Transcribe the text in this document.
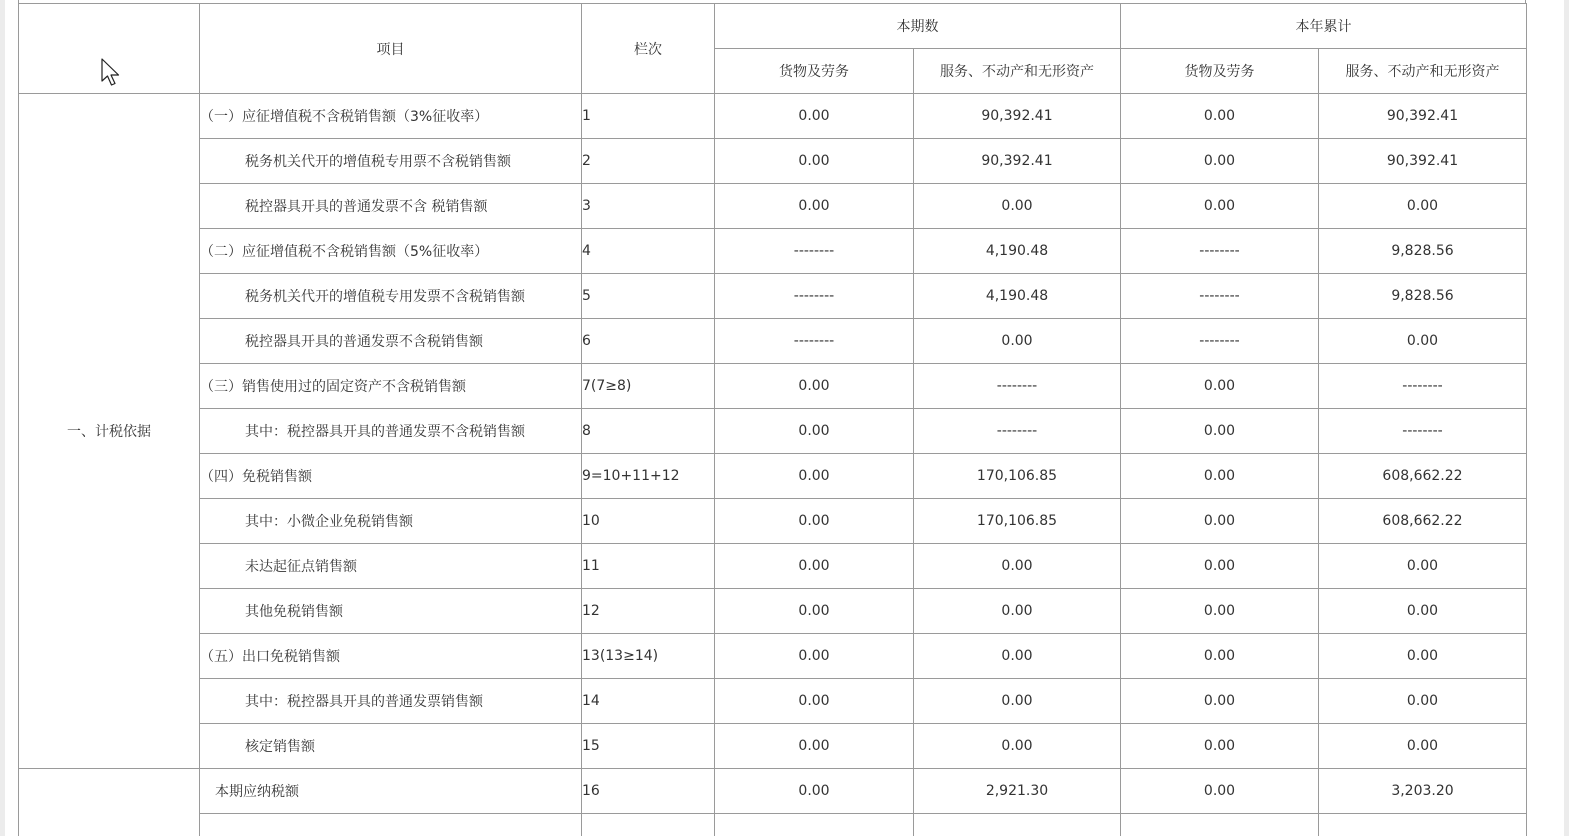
	项目	栏次	本期数		本年累计	
			货物及劳务	服务、不动产和无形资产	货物及劳务	服务、不动产和无形资产
一、计税依据	（一）应征增值税不含税销售额（3%征收率）	1	0.00	90,392.41	0.00	90,392.41
	税务机关代开的增值税专用票不含税销售额	2	0.00	90,392.41	0.00	90,392.41
	税控器具开具的普通发票不含 税销售额	3	0.00	0.00	0.00	0.00
	（二）应征增值税不含税销售额（5%征收率）	4	--------	4,190.48	--------	9,828.56
	税务机关代开的增值税专用发票不含税销售额	5	--------	4,190.48	--------	9,828.56
	税控器具开具的普通发票不含税销售额	6	--------	0.00	--------	0.00
	（三）销售使用过的固定资产不含税销售额	7(7≥8)	0.00	--------	0.00	--------
	其中：税控器具开具的普通发票不含税销售额	8	0.00	--------	0.00	--------
	（四）免税销售额	9=10+11+12	0.00	170,106.85	0.00	608,662.22
	其中：小微企业免税销售额	10	0.00	170,106.85	0.00	608,662.22
	未达起征点销售额	11	0.00	0.00	0.00	0.00
	其他免税销售额	12	0.00	0.00	0.00	0.00
	（五）出口免税销售额	13(13≥14)	0.00	0.00	0.00	0.00
	其中：税控器具开具的普通发票销售额	14	0.00	0.00	0.00	0.00
	核定销售额	15	0.00	0.00	0.00	0.00
	本期应纳税额	16	0.00	2,921.30	0.00	3,203.20
